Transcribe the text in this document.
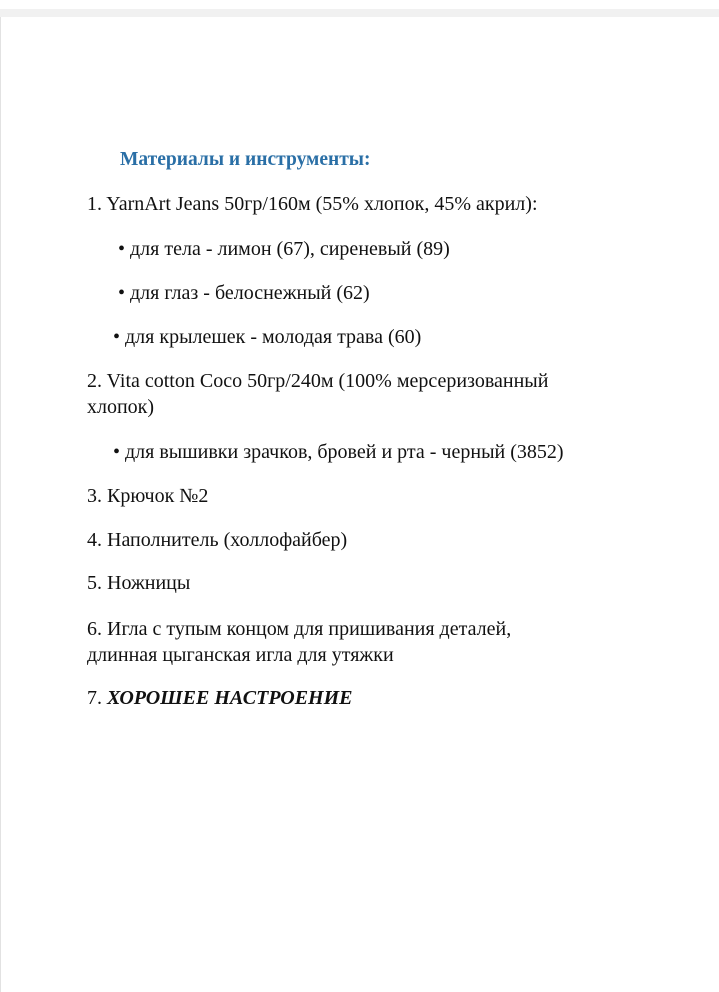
Материалы и инструменты:
1. YarnArt Jeans 50гр/160м (55% хлопок, 45% акрил):
• для тела - лимон (67), сиреневый (89)
• для глаз - белоснежный (62)
• для крылешек - молодая трава (60)
2. Vita cotton Coco 50гр/240м (100% мерсеризованный
хлопок)
• для вышивки зрачков, бровей и рта - черный (3852)
3. Крючок №2
4. Наполнитель (холлофайбер)
5. Ножницы
6. Игла с тупым концом для пришивания деталей,
длинная цыганская игла для утяжки
7. ХОРОШЕЕ НАСТРОЕНИЕ
